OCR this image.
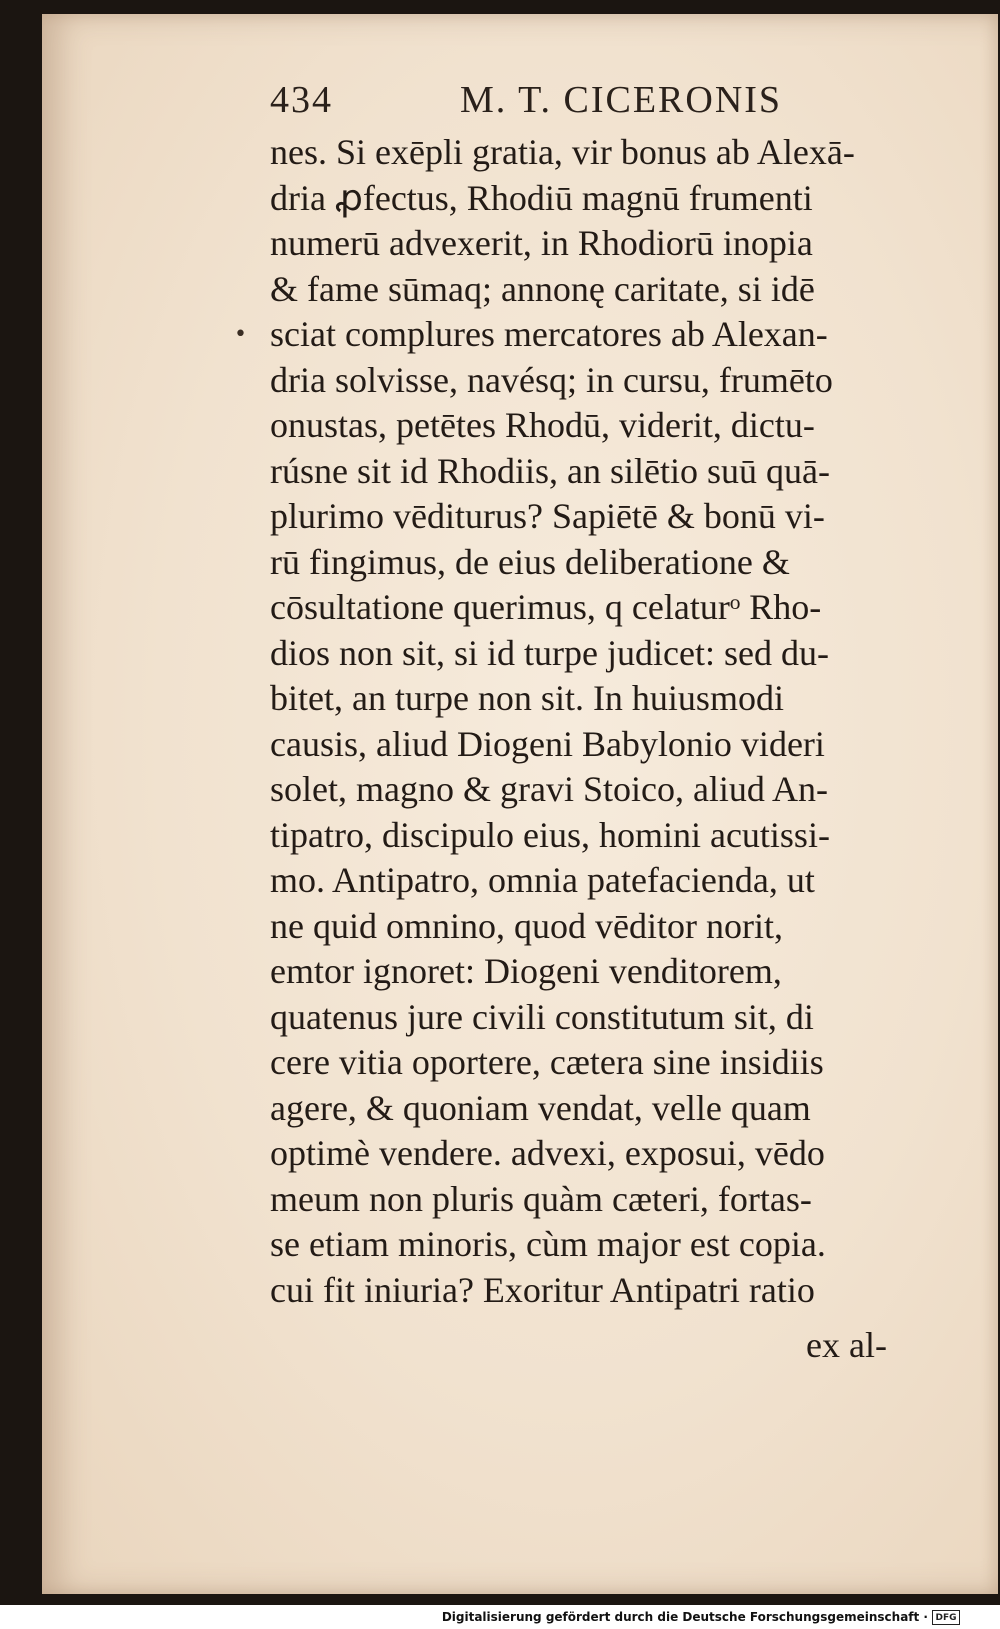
434	M. T. CICERONIS
•
nes. Si exēpli gratia, vir bonus ab Alexā-
dria ꝓfectus, Rhodiū magnū frumenti
numerū advexerit, in Rhodiorū inopia
& fame sūmaq; annonę caritate, si idē
sciat complures mercatores ab Alexan-
dria solvisse, navésq; in cursu, frumēto
onustas, petētes Rhodū, viderit, dictu-
rúsne sit id Rhodiis, an silētio suū quā-
plurimo vēditurus? Sapiētē & bonū vi-
rū fingimus, de eius deliberatione &
cōsultatione querimus, q celaturᵒ Rho-
dios non sit, si id turpe judicet: sed du-
bitet, an turpe non sit. In huiusmodi
causis, aliud Diogeni Babylonio videri
solet, magno & gravi Stoico, aliud An-
tipatro, discipulo eius, homini acutissi-
mo. Antipatro, omnia patefacienda, ut
ne quid omnino, quod vēditor norit,
emtor ignoret: Diogeni venditorem,
quatenus jure civili constitutum sit, di
cere vitia oportere, cætera sine insidiis
agere, & quoniam vendat, velle quam
optimè vendere. advexi, exposui, vēdo
meum non pluris quàm cæteri, fortas-
se etiam minoris, cùm major est copia.
cui fit iniuria? Exoritur Antipatri ratio
ex al-
Digitalisierung gefördert durch die Deutsche Forschungsgemeinschaft · DFG
